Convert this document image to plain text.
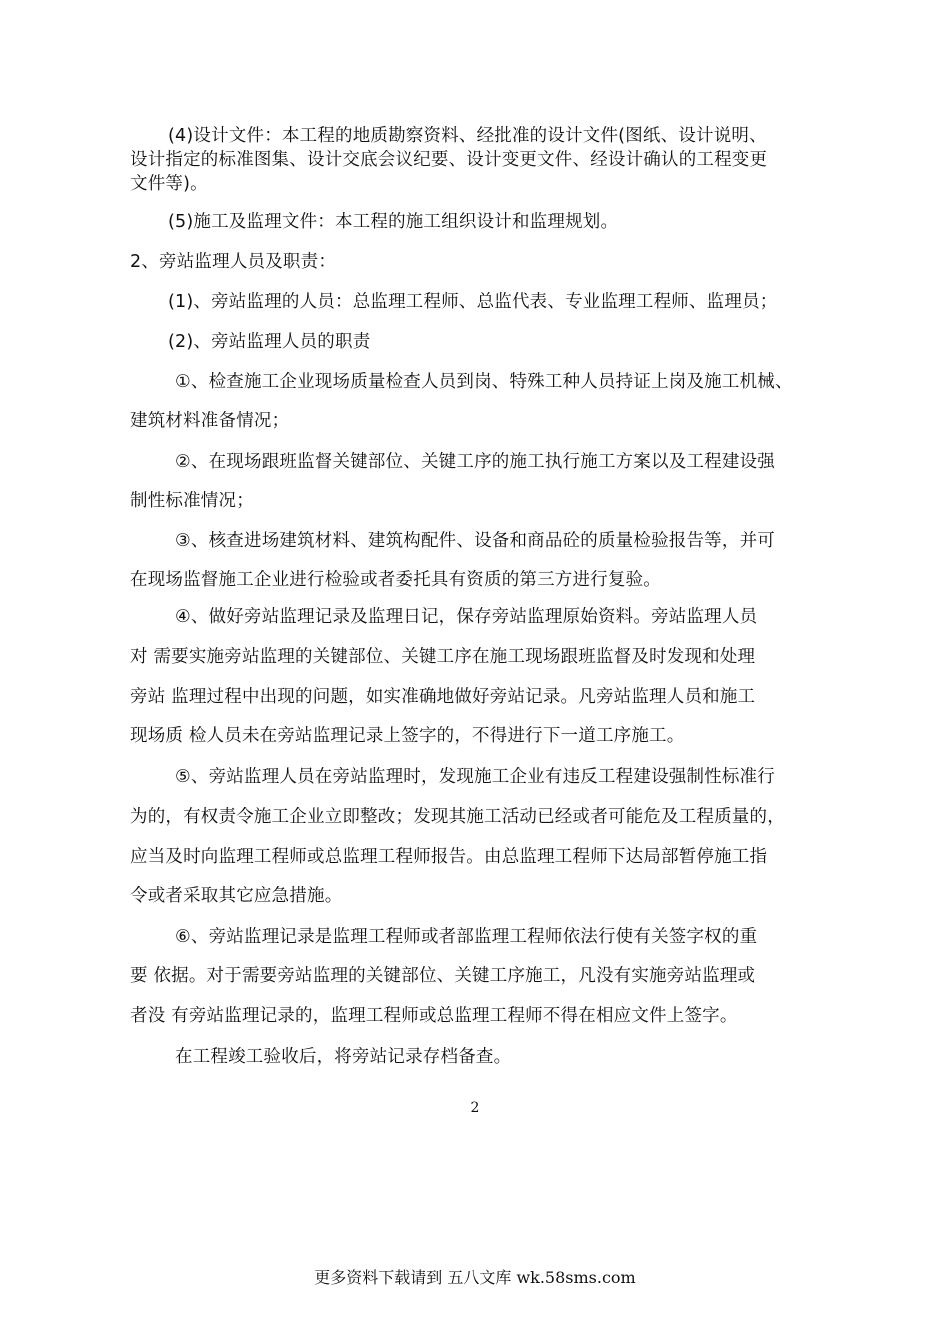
(4)设计文件：本工程的地质勘察资料、经批准的设计文件(图纸、设计说明、
设计指定的标准图集、设计交底会议纪要、设计变更文件、经设计确认的工程变更
文件等)。
(5)施工及监理文件：本工程的施工组织设计和监理规划。
2、旁站监理人员及职责：
(1)、旁站监理的人员：总监理工程师、总监代表、专业监理工程师、监理员；
(2)、旁站监理人员的职责
①、检查施工企业现场质量检查人员到岗、特殊工种人员持证上岗及施工机械、
建筑材料准备情况；
②、在现场跟班监督关键部位、关键工序的施工执行施工方案以及工程建设强
制性标准情况；
③、核查进场建筑材料、建筑构配件、设备和商品砼的质量检验报告等，并可
在现场监督施工企业进行检验或者委托具有资质的第三方进行复验。
④、做好旁站监理记录及监理日记，保存旁站监理原始资料。旁站监理人员
对 需要实施旁站监理的关键部位、关键工序在施工现场跟班监督及时发现和处理
旁站 监理过程中出现的问题，如实准确地做好旁站记录。凡旁站监理人员和施工
现场质 检人员未在旁站监理记录上签字的，不得进行下一道工序施工。
⑤、旁站监理人员在旁站监理时，发现施工企业有违反工程建设强制性标准行
为的，有权责令施工企业立即整改；发现其施工活动已经或者可能危及工程质量的，
应当及时向监理工程师或总监理工程师报告。由总监理工程师下达局部暂停施工指
令或者采取其它应急措施。
⑥、旁站监理记录是监理工程师或者部监理工程师依法行使有关签字权的重
要 依据。对于需要旁站监理的关键部位、关键工序施工，凡没有实施旁站监理或
者没 有旁站监理记录的，监理工程师或总监理工程师不得在相应文件上签字。
在工程竣工验收后，将旁站记录存档备查。
2
更多资料下载请到 五八文库 wk.58sms.com
